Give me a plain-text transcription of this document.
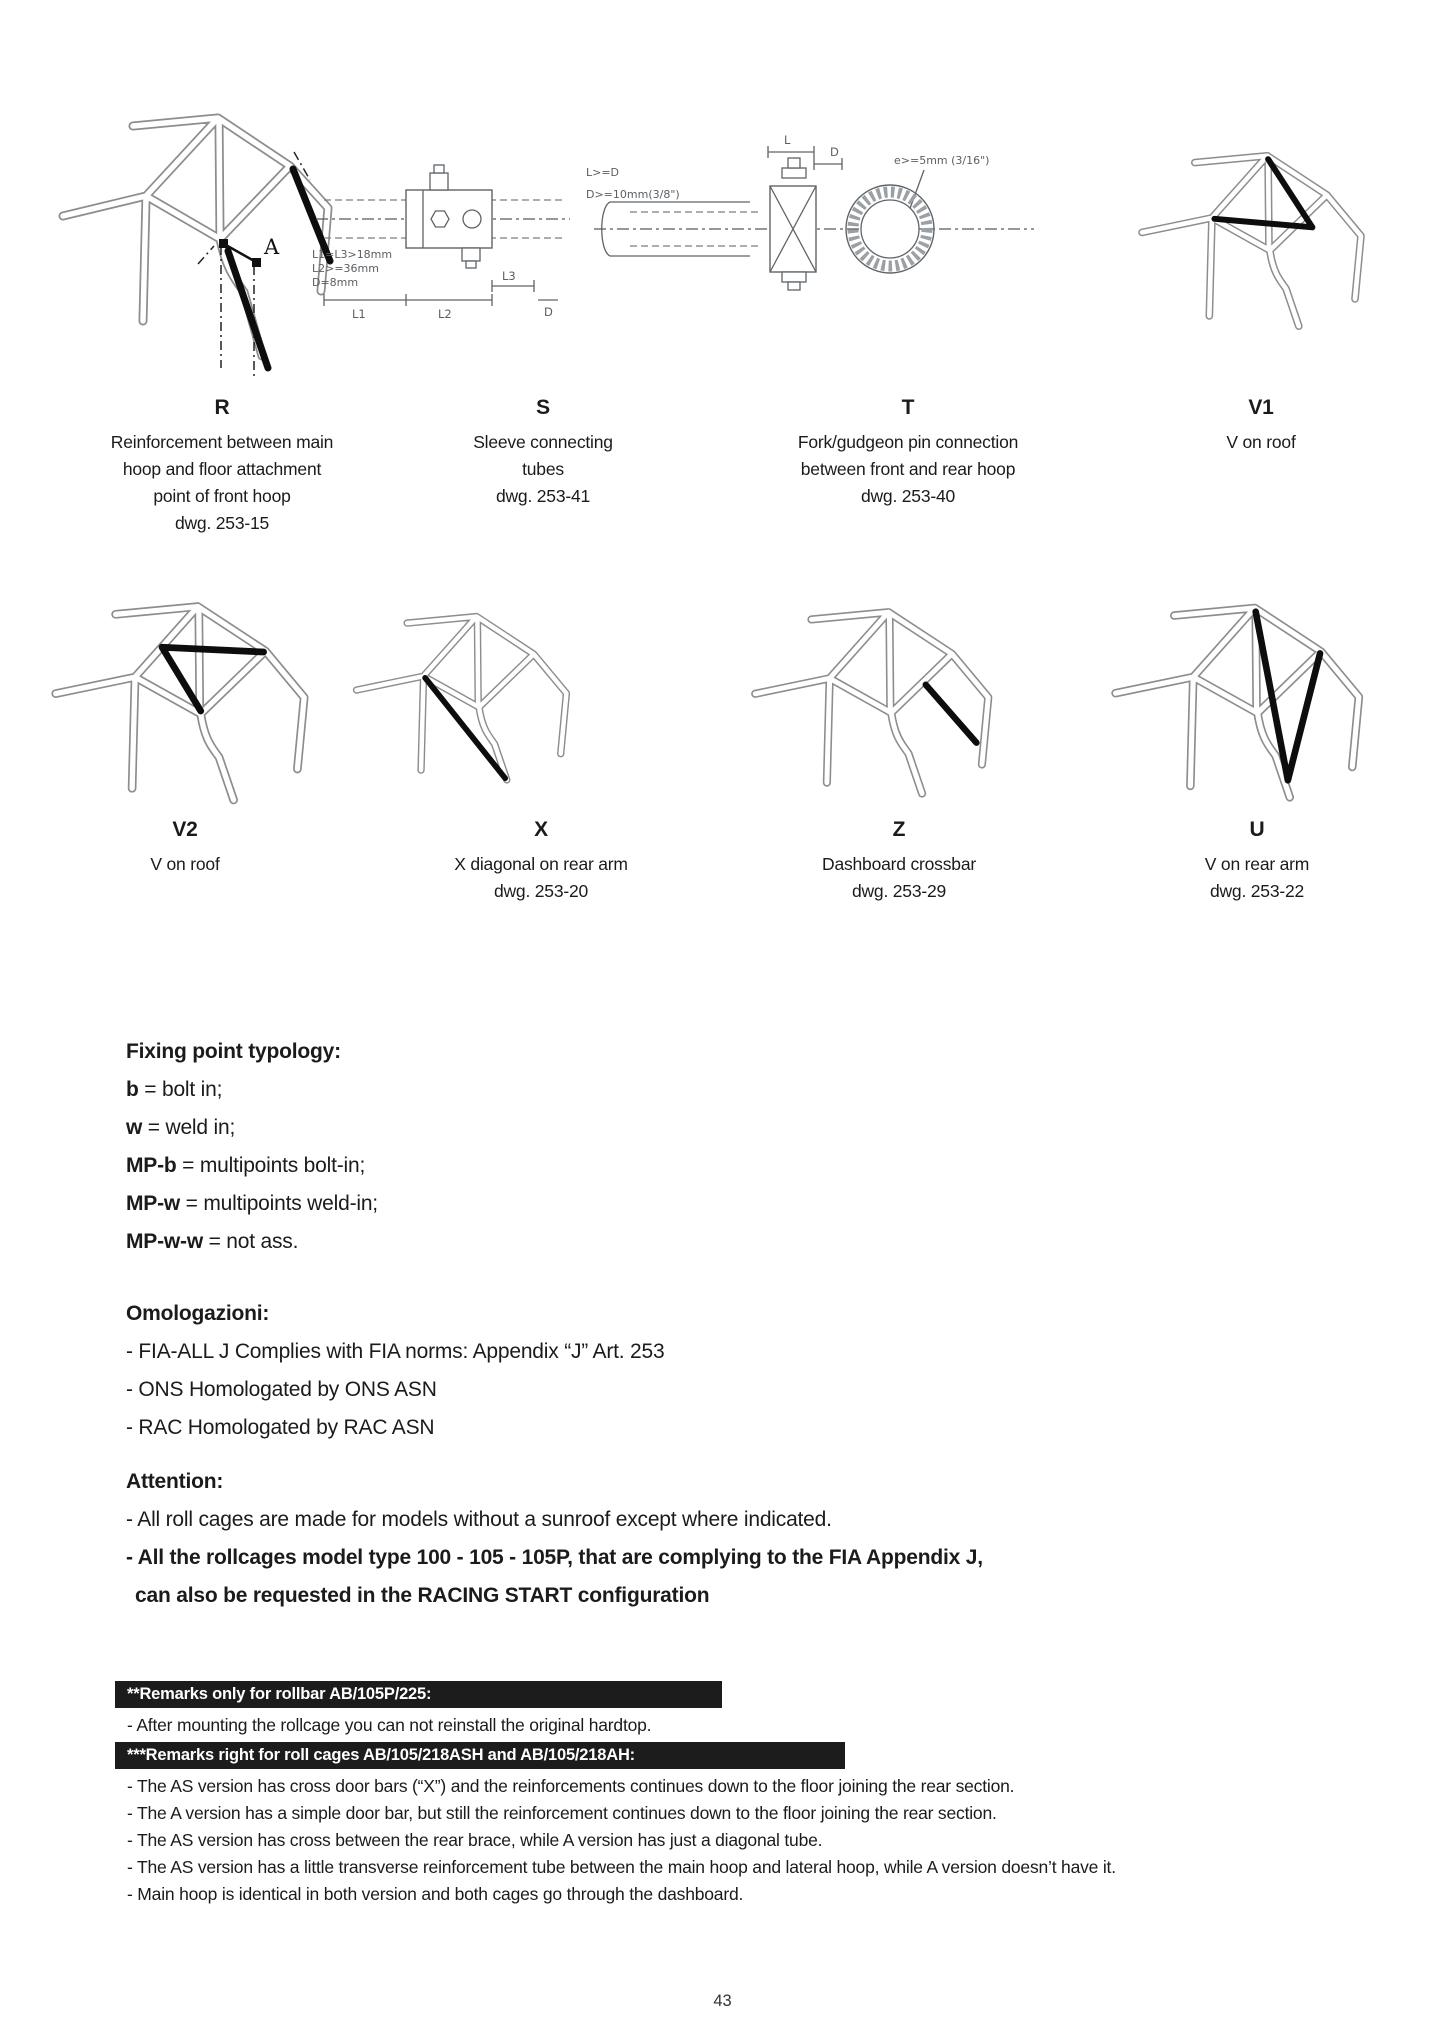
A
L1	L2
L3
D
L1=L3>18mm
L2>=36mm
D=8mm
L>=D
D>=10mm(3/8")
e>=5mm (3/16")
L
D
R
Reinforcement between main
hoop and floor attachment
point of front hoop
dwg. 253-15
S
Sleeve connecting
tubes
dwg. 253-41
T
Fork/gudgeon pin connection
between front and rear hoop
dwg. 253-40
V1
V on roof
V2
V on roof
X
X diagonal on rear arm
dwg. 253-20
Z
Dashboard crossbar
dwg. 253-29
U
V on rear arm
dwg. 253-22
Fixing point typology:
b = bolt in;
w = weld in;
MP-b = multipoints bolt-in;
MP-w = multipoints weld-in;
MP-w-w = not ass.
Omologazioni:
- FIA-ALL J Complies with FIA norms: Appendix “J” Art. 253
- ONS Homologated by ONS ASN
- RAC Homologated by RAC ASN
Attention:
- All roll cages are made for models without a sunroof except where indicated.
- All the rollcages model type 100 - 105 - 105P, that are complying to the FIA Appendix J,
can also be requested in the RACING START configuration
**Remarks only for rollbar AB/105P/225:
- After mounting the rollcage you can not reinstall the original hardtop.
***Remarks right for roll cages AB/105/218ASH and AB/105/218AH:
- The AS version has cross door bars (“X”) and the reinforcements continues down to the floor joining the rear section.
- The A version has a simple door bar, but still the reinforcement continues down to the floor joining the rear section.
- The AS version has cross between the rear brace, while A version has just a diagonal tube.
- The AS version has a little transverse reinforcement tube between the main hoop and lateral hoop, while A version doesn’t have it.
- Main hoop is identical in both version and both cages go through the dashboard.
43
